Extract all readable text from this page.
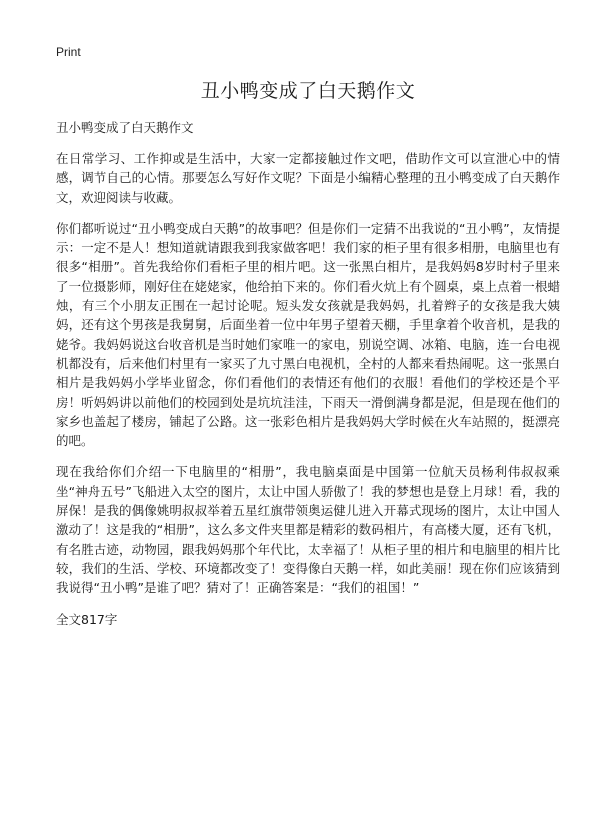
Print
丑小鸭变成了白天鹅作文
丑小鸭变成了白天鹅作文

在日常学习、工作抑或是生活中，大家一定都接触过作文吧，借助作文可以宣泄心中的情感，调节自己的心情。那要怎么写好作文呢？下面是小编精心整理的丑小鸭变成了白天鹅作文，欢迎阅读与收藏。

你们都听说过“丑小鸭变成白天鹅”的故事吧？但是你们一定猜不出我说的“丑小鸭”，友情提示：一定不是人！想知道就请跟我到我家做客吧！我们家的柜子里有很多相册，电脑里也有很多“相册”。首先我给你们看柜子里的相片吧。这一张黑白相片，是我妈妈8岁时村子里来了一位摄影师，刚好住在姥姥家，他给拍下来的。你们看火炕上有个圆桌，桌上点着一根蜡烛，有三个小朋友正围在一起讨论呢。短头发女孩就是我妈妈，扎着辫子的女孩是我大姨妈，还有这个男孩是我舅舅，后面坐着一位中年男子望着天棚，手里拿着个收音机，是我的姥爷。我妈妈说这台收音机是当时她们家唯一的家电，别说空调、冰箱、电脑，连一台电视机都没有，后来他们村里有一家买了九寸黑白电视机，全村的人都来看热闹呢。这一张黑白相片是我妈妈小学毕业留念，你们看他们的表情还有他们的衣服！看他们的学校还是个平房！听妈妈讲以前他们的校园到处是坑坑洼洼，下雨天一滑倒满身都是泥，但是现在他们的家乡也盖起了楼房，铺起了公路。这一张彩色相片是我妈妈大学时候在火车站照的，挺漂亮的吧。

现在我给你们介绍一下电脑里的“相册”，我电脑桌面是中国第一位航天员杨利伟叔叔乘坐“神舟五号”飞船进入太空的图片，太让中国人骄傲了！我的梦想也是登上月球！看，我的屏保！是我的偶像姚明叔叔举着五星红旗带领奥运健儿进入开幕式现场的图片，太让中国人激动了！这是我的“相册”，这么多文件夹里都是精彩的数码相片，有高楼大厦，还有飞机，有名胜古迹，动物园，跟我妈妈那个年代比，太幸福了！从柜子里的相片和电脑里的相片比较，我们的生活、学校、环境都改变了！变得像白天鹅一样，如此美丽！现在你们应该猜到我说得“丑小鸭”是谁了吧？猜对了！正确答案是：“我们的祖国！”

全文817字
